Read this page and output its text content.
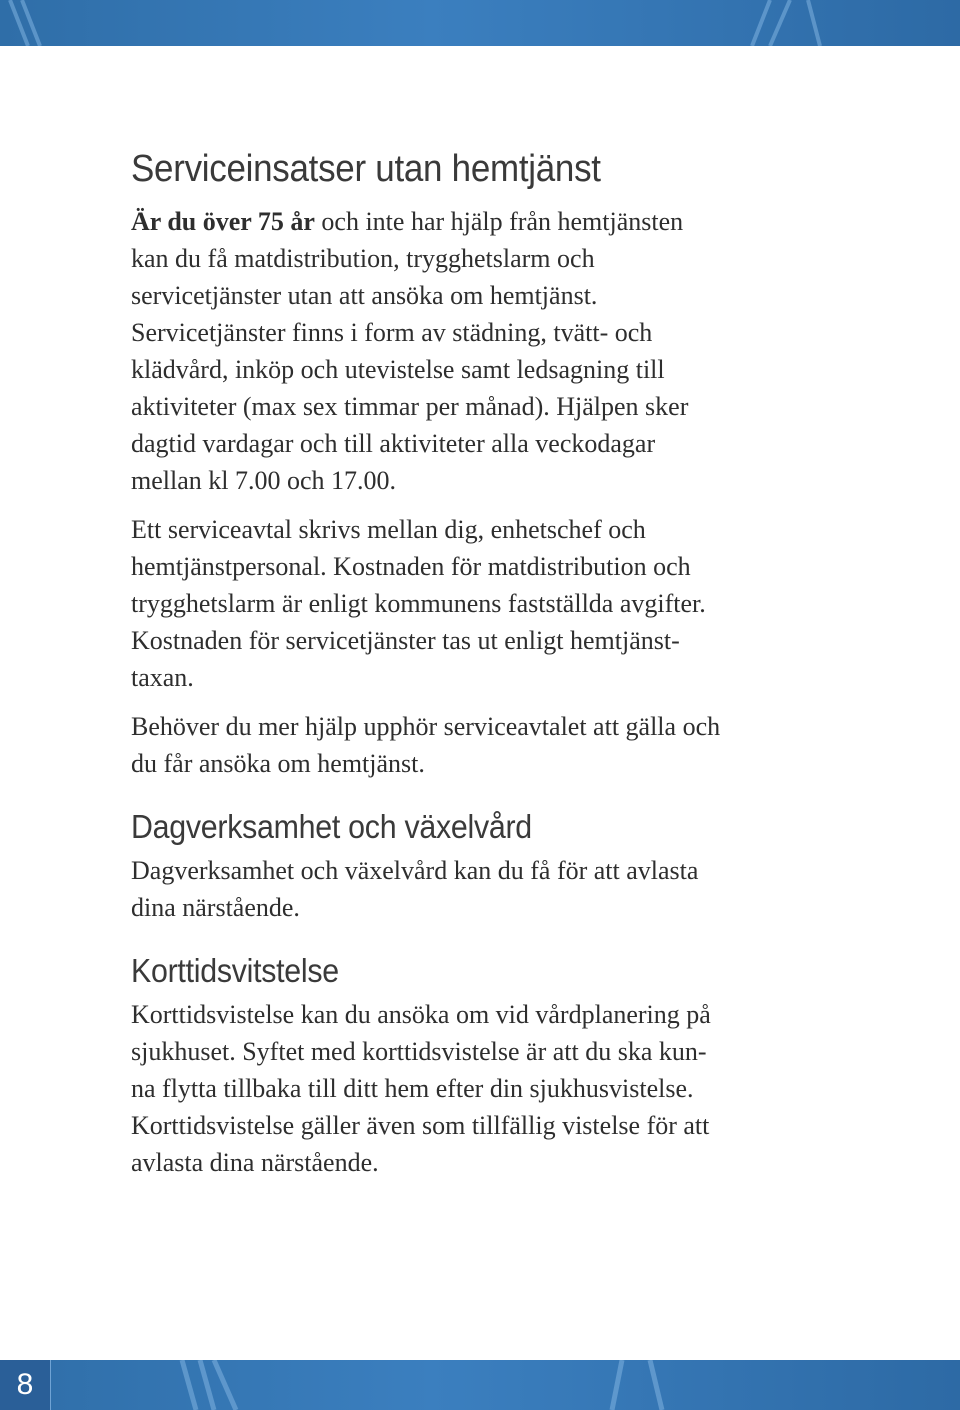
Serviceinsatser utan hemtjänst

Är du över 75 år och inte har hjälp från hemtjänsten
kan du få matdistribution, trygghetslarm och
servicetjänster utan att ansöka om hemtjänst.
Servicetjänster finns i form av städning, tvätt- och
klädvård, inköp och utevistelse samt ledsagning till
aktiviteter (max sex timmar per månad). Hjälpen sker
dagtid vardagar och till aktiviteter alla veckodagar
mellan kl 7.00 och 17.00.

Ett serviceavtal skrivs mellan dig, enhetschef och
hemtjänstpersonal. Kostnaden för matdistribution och
trygghetslarm är enligt kommunens fastställda avgifter.
Kostnaden för servicetjänster tas ut enligt hemtjänst-
taxan.

Behöver du mer hjälp upphör serviceavtalet att gälla och
du får ansöka om hemtjänst.

Dagverksamhet och växelvård

Dagverksamhet och växelvård kan du få för att avlasta
dina närstående.

Korttidsvitstelse

Korttidsvistelse kan du ansöka om vid vårdplanering på
sjukhuset. Syftet med korttidsvistelse är att du ska kun-
na flytta tillbaka till ditt hem efter din sjukhusvistelse.
Korttidsvistelse gäller även som tillfällig vistelse för att
avlasta dina närstående.

8
